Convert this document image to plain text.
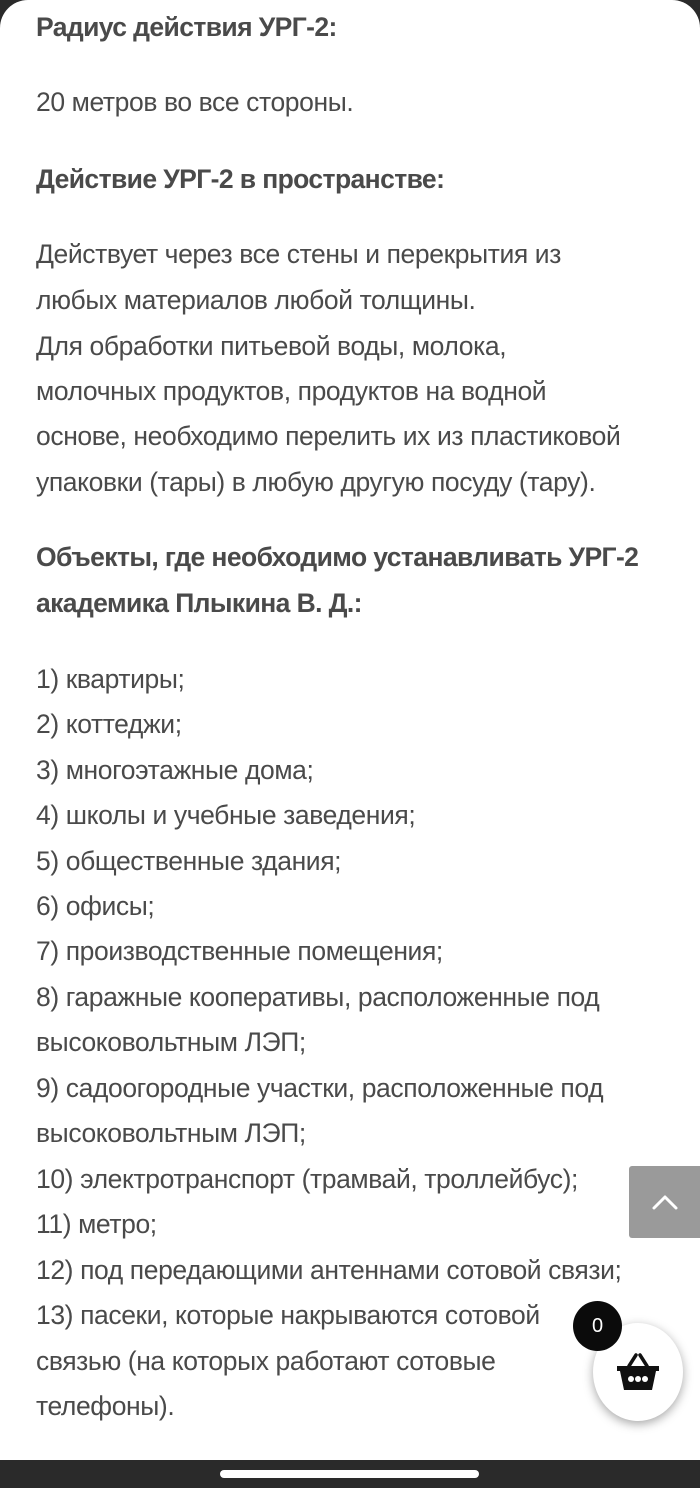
Радиус действия УРГ-2:
20 метров во все стороны.
Действие УРГ-2 в пространстве:
Действует через все стены и перекрытия из
любых материалов любой толщины.
Для обработки питьевой воды, молока,
молочных продуктов, продуктов на водной
основе, необходимо перелить их из пластиковой
упаковки (тары) в любую другую посуду (тару).
Объекты, где необходимо устанавливать УРГ-2
академика Плыкина В. Д.:
1) квартиры;
2) коттеджи;
3) многоэтажные дома;
4) школы и учебные заведения;
5) общественные здания;
6) офисы;
7) производственные помещения;
8) гаражные кооперативы, расположенные под
высоковольтным ЛЭП;
9) садоогородные участки, расположенные под
высоковольтным ЛЭП;
10) электротранспорт (трамвай, троллейбус);
11) метро;
12) под передающими антеннами сотовой связи;
13) пасеки, которые накрываются сотовой
связью (на которых работают сотовые
телефоны).
0
